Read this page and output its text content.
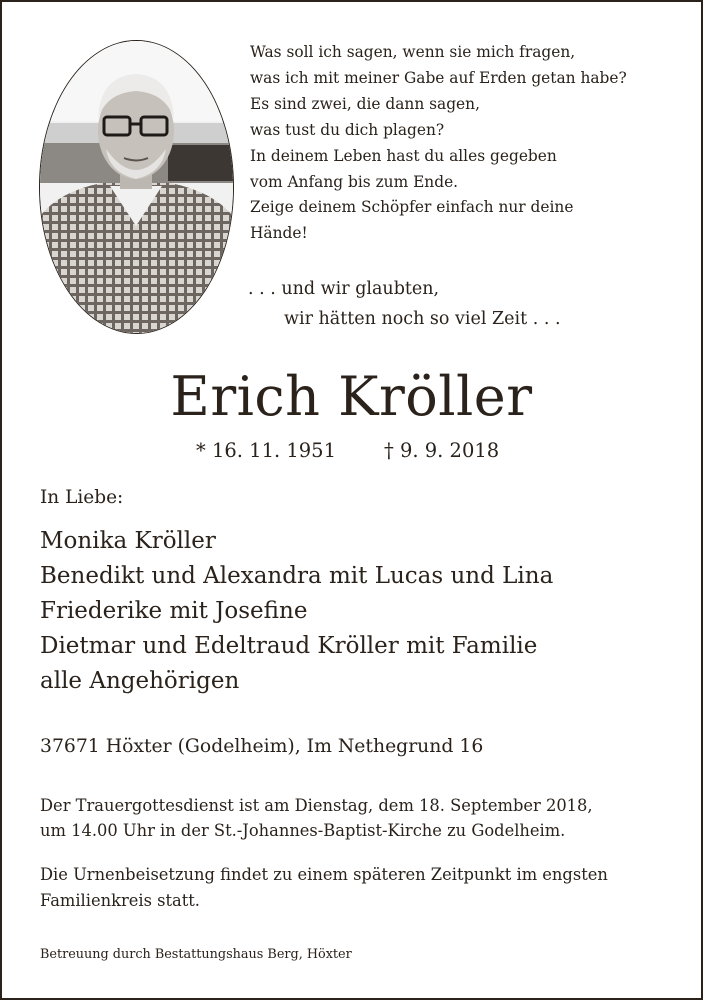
Was soll ich sagen, wenn sie mich fragen,
was ich mit meiner Gabe auf Erden getan habe?
Es sind zwei, die dann sagen,
was tust du dich plagen?
In deinem Leben hast du alles gegeben
vom Anfang bis zum Ende.
Zeige deinem Schöpfer einfach nur deine
Hände!
. . . und wir glaubten,
wir hätten noch so viel Zeit . . .
Erich Kröller
* 16. 11. 1951 † 9. 9. 2018
In Liebe:
Monika Kröller
Benedikt und Alexandra mit Lucas und Lina
Friederike mit Josefine
Dietmar und Edeltraud Kröller mit Familie
alle Angehörigen
37671 Höxter (Godelheim), Im Nethegrund 16
Der Trauergottesdienst ist am Dienstag, dem 18. September 2018,
um 14.00 Uhr in der St.-Johannes-Baptist-Kirche zu Godelheim.
Die Urnenbeisetzung findet zu einem späteren Zeitpunkt im engsten
Familienkreis statt.
Betreuung durch Bestattungshaus Berg, Höxter
